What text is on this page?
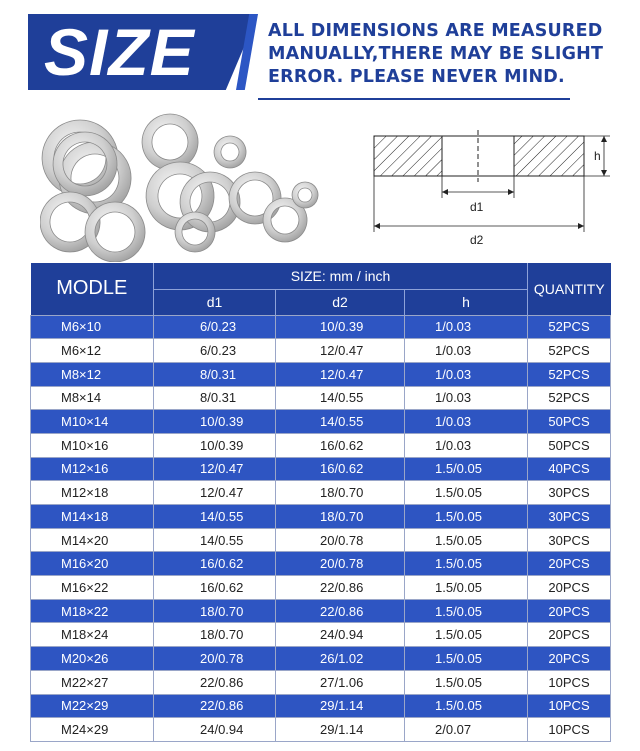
SIZE	ALL DIMENSIONS ARE MEASURED
MANUALLY,THERE MAY BE SLIGHT
ERROR. PLEASE NEVER MIND.
h
d1
d2
MODLE	SIZE: mm / inch			QUANTITY
	d1	d2	h	
M6×10	6/0.23	10/0.39	1/0.03	52PCS
M6×12	6/0.23	12/0.47	1/0.03	52PCS
M8×12	8/0.31	12/0.47	1/0.03	52PCS
M8×14	8/0.31	14/0.55	1/0.03	52PCS
M10×14	10/0.39	14/0.55	1/0.03	50PCS
M10×16	10/0.39	16/0.62	1/0.03	50PCS
M12×16	12/0.47	16/0.62	1.5/0.05	40PCS
M12×18	12/0.47	18/0.70	1.5/0.05	30PCS
M14×18	14/0.55	18/0.70	1.5/0.05	30PCS
M14×20	14/0.55	20/0.78	1.5/0.05	30PCS
M16×20	16/0.62	20/0.78	1.5/0.05	20PCS
M16×22	16/0.62	22/0.86	1.5/0.05	20PCS
M18×22	18/0.70	22/0.86	1.5/0.05	20PCS
M18×24	18/0.70	24/0.94	1.5/0.05	20PCS
M20×26	20/0.78	26/1.02	1.5/0.05	20PCS
M22×27	22/0.86	27/1.06	1.5/0.05	10PCS
M22×29	22/0.86	29/1.14	1.5/0.05	10PCS
M24×29	24/0.94	29/1.14	2/0.07	10PCS
